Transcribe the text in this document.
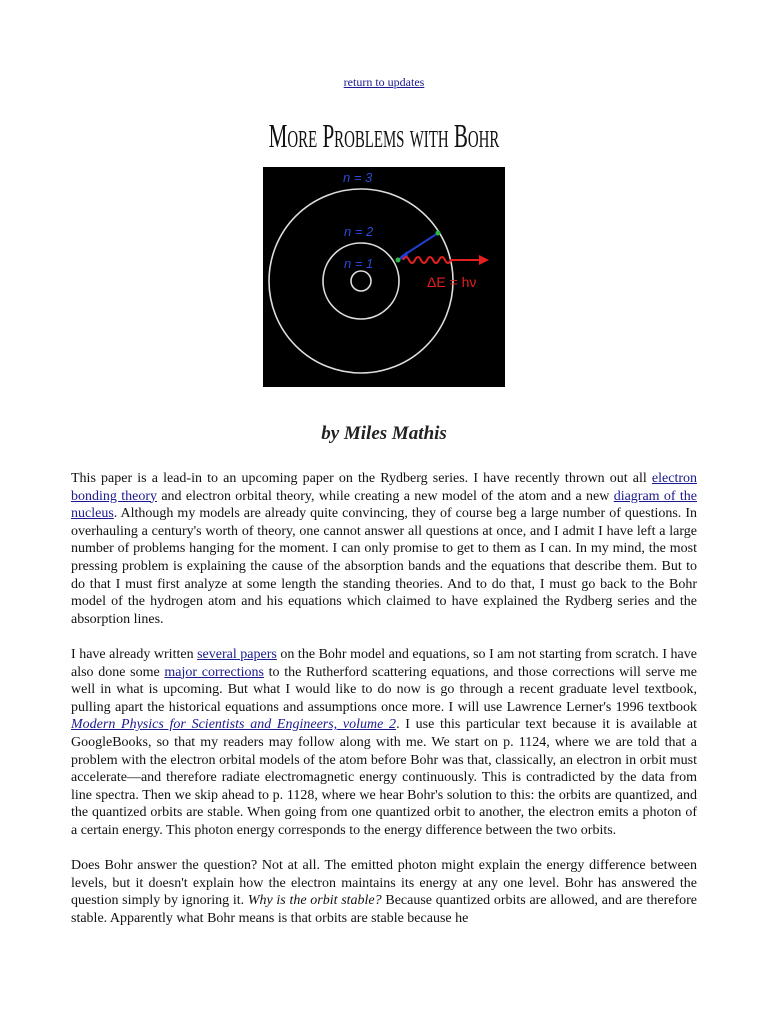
return to updates
More Problems with Bohr
n = 3
n = 2
n = 1
ΔE = hν
by Miles Mathis

This paper is a lead-in to an upcoming paper on the Rydberg series. I have recently thrown out all electron bonding theory and electron orbital theory, while creating a new model of the atom and a new diagram of the nucleus. Although my models are already quite convincing, they of course beg a large number of questions. In overhauling a century's worth of theory, one cannot answer all questions at once, and I admit I have left a large number of problems hanging for the moment. I can only promise to get to them as I can. In my mind, the most pressing problem is explaining the cause of the absorption bands and the equations that describe them. But to do that I must first analyze at some length the standing theories. And to do that, I must go back to the Bohr model of the hydrogen atom and his equations which claimed to have explained the Rydberg series and the absorption lines.

I have already written several papers on the Bohr model and equations, so I am not starting from scratch. I have also done some major corrections to the Rutherford scattering equations, and those corrections will serve me well in what is upcoming. But what I would like to do now is go through a recent graduate level textbook, pulling apart the historical equations and assumptions once more. I will use Lawrence Lerner's 1996 textbook Modern Physics for Scientists and Engineers, volume 2. I use this particular text because it is available at GoogleBooks, so that my readers may follow along with me. We start on p. 1124, where we are told that a problem with the electron orbital models of the atom before Bohr was that, classically, an electron in orbit must accelerate—and therefore radiate electromagnetic energy continuously. This is contradicted by the data from line spectra. Then we skip ahead to p. 1128, where we hear Bohr's solution to this: the orbits are quantized, and the quantized orbits are stable. When going from one quantized orbit to another, the electron emits a photon of a certain energy. This photon energy corresponds to the energy difference between the two orbits.

Does Bohr answer the question? Not at all. The emitted photon might explain the energy difference between levels, but it doesn't explain how the electron maintains its energy at any one level. Bohr has answered the question simply by ignoring it. Why is the orbit stable? Because quantized orbits are allowed, and are therefore stable. Apparently what Bohr means is that orbits are stable because he
